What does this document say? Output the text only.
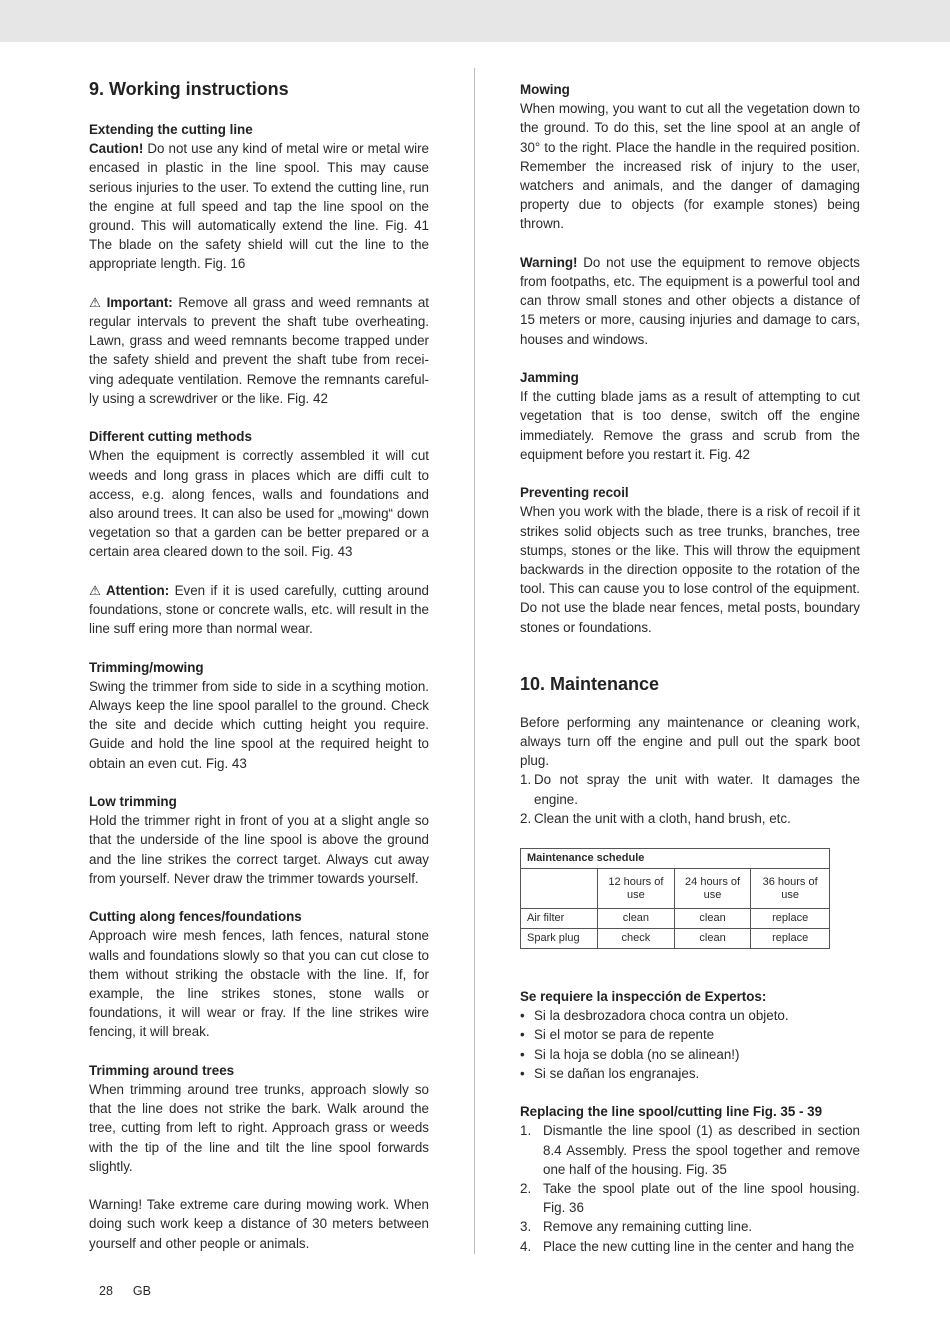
9. Working instructions
Extending the cutting line

Caution! Do not use any kind of metal wire or metal wire encased in plastic in the line spool. This may cause serious injuries to the user. To extend the cutting line, run the engine at full speed and tap the line spool on the ground. This will automatically extend the line. Fig. 41 The blade on the safety shield will cut the line to the appropriate length. Fig. 16

⚠ Important: Remove all grass and weed remnants at regular intervals to prevent the shaft tube overheating. Lawn, grass and weed remnants become trapped under the safety shield and prevent the shaft tube from recei-ving adequate ventilation. Remove the remnants careful-ly using a screwdriver or the like. Fig. 42

Different cutting methods

When the equipment is correctly assembled it will cut weeds and long grass in places which are diffi cult to access, e.g. along fences, walls and foundations and also around trees. It can also be used for „mowing“ down vegetation so that a garden can be better prepared or a certain area cleared down to the soil. Fig. 43

⚠ Attention: Even if it is used carefully, cutting around foundations, stone or concrete walls, etc. will result in the line suff ering more than normal wear.

Trimming/mowing

Swing the trimmer from side to side in a scything motion. Always keep the line spool parallel to the ground. Check the site and decide which cutting height you require. Guide and hold the line spool at the required height to obtain an even cut. Fig. 43

Low trimming

Hold the trimmer right in front of you at a slight angle so that the underside of the line spool is above the ground and the line strikes the correct target. Always cut away from yourself. Never draw the trimmer towards yourself.

Cutting along fences/foundations

Approach wire mesh fences, lath fences, natural stone walls and foundations slowly so that you can cut close to them without striking the obstacle with the line. If, for example, the line strikes stones, stone walls or foundations, it will wear or fray. If the line strikes wire fencing, it will break.

Trimming around trees

When trimming around tree trunks, approach slowly so that the line does not strike the bark. Walk around the tree, cutting from left to right. Approach grass or weeds with the tip of the line and tilt the line spool forwards slightly.

Warning! Take extreme care during mowing work. When doing such work keep a distance of 30 meters between yourself and other people or animals.

Mowing

When mowing, you want to cut all the vegetation down to the ground. To do this, set the line spool at an angle of 30° to the right. Place the handle in the required position. Remember the increased risk of injury to the user, watchers and animals, and the danger of damaging property due to objects (for example stones) being thrown.

Warning! Do not use the equipment to remove objects from footpaths, etc. The equipment is a powerful tool and can throw small stones and other objects a distance of 15 meters or more, causing injuries and damage to cars, houses and windows.

Jamming

If the cutting blade jams as a result of attempting to cut vegetation that is too dense, switch off the engine immediately. Remove the grass and scrub from the equipment before you restart it. Fig. 42

Preventing recoil

When you work with the blade, there is a risk of recoil if it strikes solid objects such as tree trunks, branches, tree stumps, stones or the like. This will throw the equipment backwards in the direction opposite to the rotation of the tool. This can cause you to lose control of the equipment. Do not use the blade near fences, metal posts, boundary stones or foundations.

10. Maintenance

Before performing any maintenance or cleaning work, always turn off the engine and pull out the spark boot plug.

1. Do not spray the unit with water. It damages the engine.
2. Clean the unit with a cloth, hand brush, etc.
Maintenance schedule			
	12 hours of use	24 hours of use	36 hours of use
Air filter	clean	clean	replace
Spark plug	check	clean	replace
Se requiere la inspección de Expertos:
• Si la desbrozadora choca contra un objeto.
• Si el motor se para de repente
• Si la hoja se dobla (no se alinean!)
• Si se dañan los engranajes.
Replacing the line spool/cutting line Fig. 35 - 39
1. Dismantle the line spool (1) as described in section 8.4 Assembly. Press the spool together and remove one half of the housing. Fig. 35
2. Take the spool plate out of the line spool housing. Fig. 36
3. Remove any remaining cutting line.
4. Place the new cutting line in the center and hang the
28 GB
